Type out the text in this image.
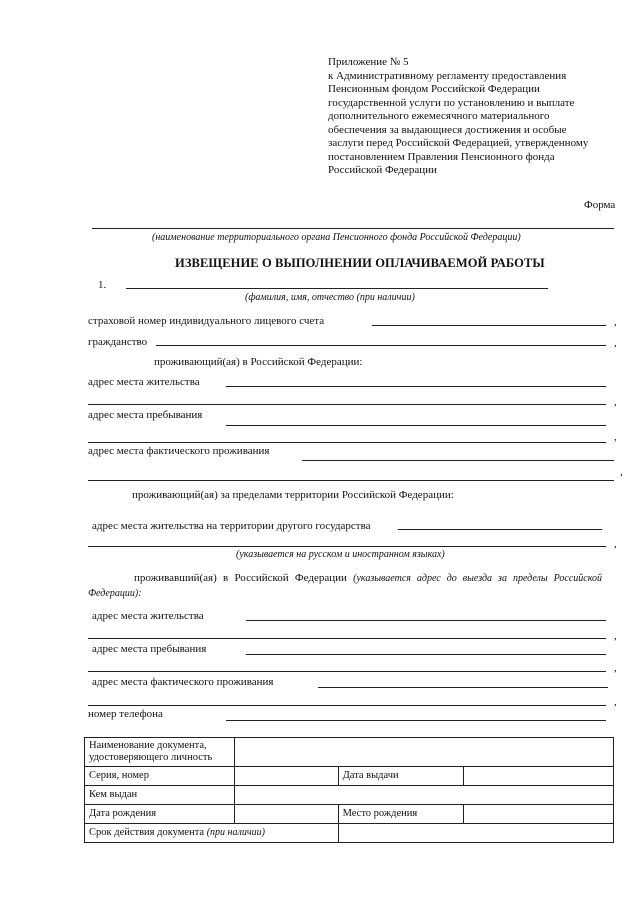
Приложение № 5
к Административному регламенту предоставления
Пенсионным фондом Российской Федерации
государственной услуги по установлению и выплате
дополнительного ежемесячного материального
обеспечения за выдающиеся достижения и особые
заслуги перед Российской Федерацией, утвержденному
постановлением Правления Пенсионного фонда
Российской Федерации
Форма
(наименование территориального органа Пенсионного фонда Российской Федерации)
ИЗВЕЩЕНИЕ О ВЫПОЛНЕНИИ ОПЛАЧИВАЕМОЙ РАБОТЫ
1.
(фамилия, имя, отчество (при наличии)
страховой номер индивидуального лицевого счета	,
гражданство	,
проживающий(ая) в Российской Федерации:
адрес места жительства
,
адрес места пребывания
,
адрес места фактического проживания
,
проживающий(ая) за пределами территории Российской Федерации:
адрес места жительства на территории другого государства
,
(указывается на русском и иностранном языках)
проживавший(ая) в Российской Федерации (указывается адрес до выезда за пределы Российской Федерации):
адрес места жительства
,
адрес места пребывания
,
адрес места фактического проживания
,
номер телефона
Наименование документа,
удостоверяющего личность			

Серия, номер		Дата выдачи	
Кем выдан			
Дата рождения		Место рождения	
Срок действия документа (при наличии)			
